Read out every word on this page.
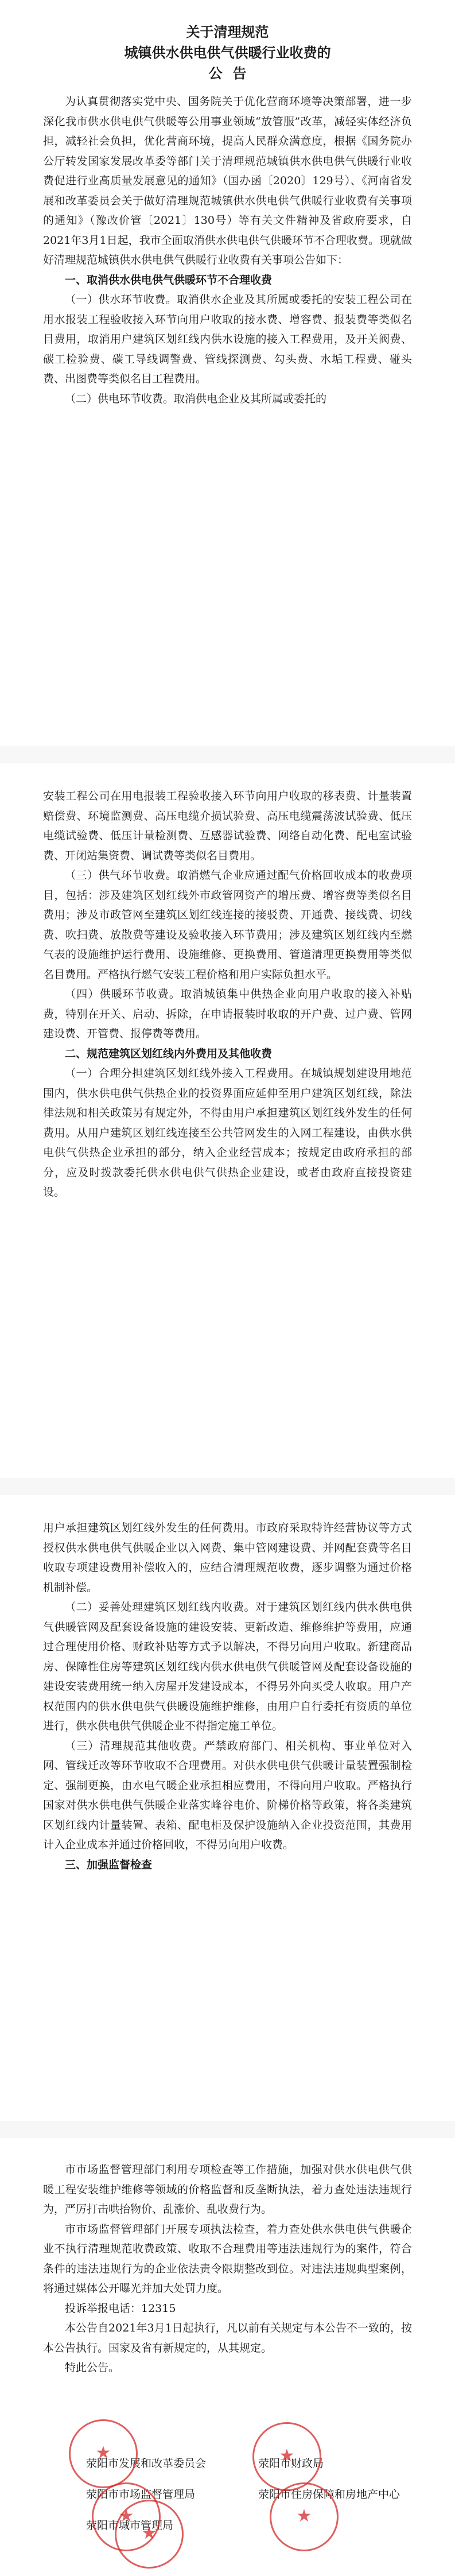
关于清理规范
城镇供水供电供气供暖行业收费的
公告

为认真贯彻落实党中央、国务院关于优化营商环境等决策部署，进一步深化我市供水供电供气供暖等公用事业领域“放管服”改革，减轻实体经济负担，减轻社会负担，优化营商环境，提高人民群众满意度，根据《国务院办公厅转发国家发展改革委等部门关于清理规范城镇供水供电供气供暖行业收费促进行业高质量发展意见的通知》（国办函〔2020〕129号）、《河南省发展和改革委员会关于做好清理规范城镇供水供电供气供暖行业收费有关事项的通知》（豫改价管〔2021〕130号）等有关文件精神及省政府要求，自2021年3月1日起，我市全面取消供水供电供气供暖环节不合理收费。现就做好清理规范城镇供水供电供气供暖行业收费有关事项公告如下：

一、取消供水供电供气供暖环节不合理收费

（一）供水环节收费。取消供水企业及其所属或委托的安装工程公司在用水报装工程验收接入环节向用户收取的接水费、增容费、报装费等类似名目费用，取消用户建筑区划红线内供水设施的接入工程费用，及开关阀费、碳工检验费、碳工导线调警费、管线探测费、勾头费、水垢工程费、碰头费、出图费等类似名目工程费用。

（二）供电环节收费。取消供电企业及其所属或委托的

安装工程公司在用电报装工程验收接入环节向用户收取的移表费、计量装置赔偿费、环境监测费、高压电缆介损试验费、高压电缆震荡波试验费、低压电缆试验费、低压计量检测费、互感器试验费、网络自动化费、配电室试验费、开闭站集资费、调试费等类似名目费用。

（三）供气环节收费。取消燃气企业应通过配气价格回收成本的收费项目，包括：涉及建筑区划红线外市政管网资产的增压费、增容费等类似名目费用；涉及市政管网至建筑区划红线连接的接驳费、开通费、接线费、切线费、吹扫费、放散费等建设及验收接入环节费用；涉及建筑区划红线内至燃气表的设施维护运行费用、设施维修、更换费用、管道清理更换费用等类似名目费用。严格执行燃气安装工程价格和用户实际负担水平。

（四）供暖环节收费。取消城镇集中供热企业向用户收取的接入补贴费，特别在开关、启动、拆除，在申请报装时收取的开户费、过户费、管网建设费、开管费、报停费等费用。

二、规范建筑区划红线内外费用及其他收费

（一）合理分担建筑区划红线外接入工程费用。在城镇规划建设用地范围内，供水供电供气供热企业的投资界面应延伸至用户建筑区划红线，除法律法规和相关政策另有规定外，不得由用户承担建筑区划红线外发生的任何费用。从用户建筑区划红线连接至公共管网发生的入网工程建设，由供水供电供气供热企业承担的部分，纳入企业经营成本；按规定由政府承担的部分，应及时拨款委托供水供电供气供热企业建设，或者由政府直接投资建设。

用户承担建筑区划红线外发生的任何费用。市政府采取特许经营协议等方式授权供水供电供气供暖企业以入网费、集中管网建设费、并网配套费等名目收取专项建设费用补偿收入的，应结合清理规范收费，逐步调整为通过价格机制补偿。

（二）妥善处理建筑区划红线内收费。对于建筑区划红线内供水供电供气供暖管网及配套设备设施的建设安装、更新改造、维修维护等费用，应通过合理使用价格、财政补贴等方式予以解决，不得另向用户收取。新建商品房、保障性住房等建筑区划红线内供水供电供气供暖管网及配套设备设施的建设安装费用统一纳入房屋开发建设成本，不得另外向买受人收取。用户产权范围内的供水供电供气供暖设施维护维修，由用户自行委托有资质的单位进行，供水供电供气供暖企业不得指定施工单位。

（三）清理规范其他收费。严禁政府部门、相关机构、事业单位对入网、管线迁改等环节收取不合理费用。对供水供电供气供暖计量装置强制检定、强制更换，由水电气暖企业承担相应费用，不得向用户收取。严格执行国家对供水供电供气供暖企业落实峰谷电价、阶梯价格等政策，将各类建筑区划红线内计量装置、表箱、配电柜及保护设施纳入企业投资范围，其费用计入企业成本并通过价格回收，不得另向用户收费。

三、加强监督检查

市市场监督管理部门利用专项检查等工作措施，加强对供水供电供气供暖工程安装维护维修等领域的价格监督和反垄断执法，着力查处违法违规行为，严厉打击哄抬物价、乱涨价、乱收费行为。

市市场监督管理部门开展专项执法检查，着力查处供水供电供气供暖企业不执行清理规范收费政策、收取不合理费用等违法违规行为的案件，符合条件的违法违规行为的企业依法责令限期整改到位。对违法违规典型案例，将通过媒体公开曝光并加大处罚力度。

投诉举报电话：12315

本公告自2021年3月1日起执行，凡以前有关规定与本公告不一致的，按本公告执行。国家及省有新规定的，从其规定。

特此公告。

荥阳市发展和改革委员会	荥阳市财政局
荥阳市市场监督管理局	荥阳市住房保障和房地产中心
荥阳市城市管理局
★
★
★
★
★
